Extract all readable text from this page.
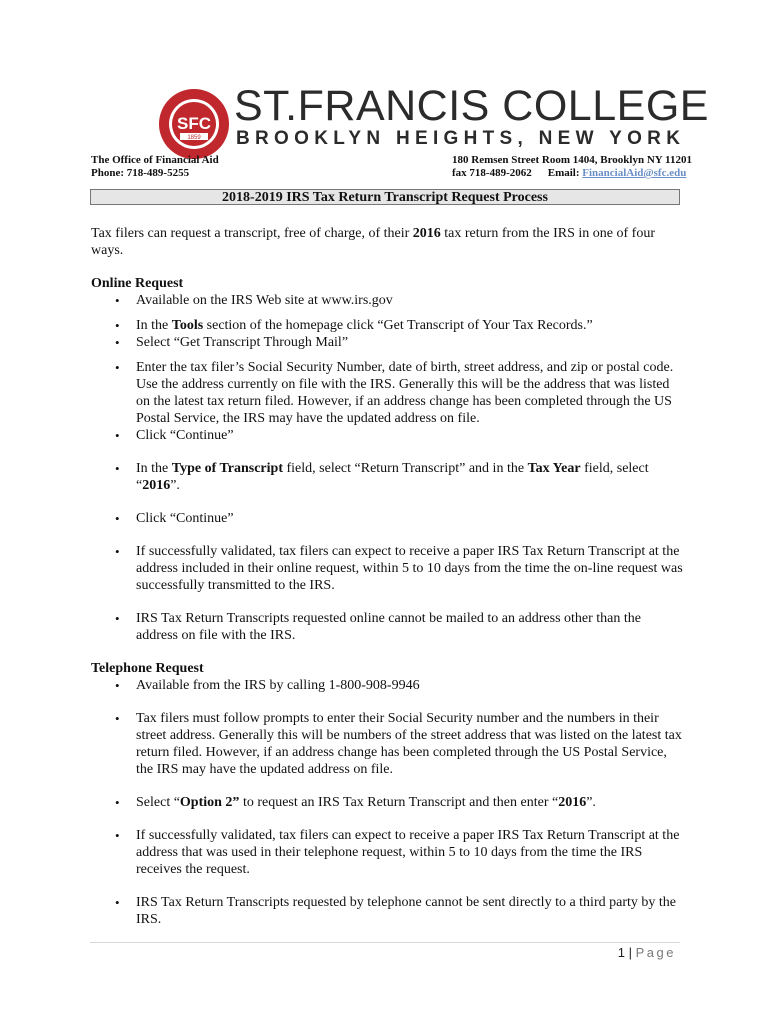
SFC
1859
ST.FRANCIS COLLEGE
BROOKLYN HEIGHTS, NEW YORK
The Office of Financial Aid
Phone: 718-489-5255
180 Remsen Street Room 1404, Brooklyn NY 11201
fax 718-489-2062 Email: FinancialAid@sfc.edu
2018-2019 IRS Tax Return Transcript Request Process

Tax filers can request a transcript, free of charge, of their 2016 tax return from the IRS in one of four ways.

Online Request
• Available on the IRS Web site at www.irs.gov
• In the Tools section of the homepage click “Get Transcript of Your Tax Records.”
• Select “Get Transcript Through Mail”
• Enter the tax filer’s Social Security Number, date of birth, street address, and zip or postal code. Use the address currently on file with the IRS. Generally this will be the address that was listed on the latest tax return filed. However, if an address change has been completed through the US Postal Service, the IRS may have the updated address on file.
• Click “Continue”
• In the Type of Transcript field, select “Return Transcript” and in the Tax Year field, select “2016”.
• Click “Continue”
• If successfully validated, tax filers can expect to receive a paper IRS Tax Return Transcript at the address included in their online request, within 5 to 10 days from the time the on-line request was successfully transmitted to the IRS.
• IRS Tax Return Transcripts requested online cannot be mailed to an address other than the address on file with the IRS.
Telephone Request
• Available from the IRS by calling 1-800-908-9946
• Tax filers must follow prompts to enter their Social Security number and the numbers in their street address. Generally this will be numbers of the street address that was listed on the latest tax return filed. However, if an address change has been completed through the US Postal Service, the IRS may have the updated address on file.
• Select “Option 2” to request an IRS Tax Return Transcript and then enter “2016”.
• If successfully validated, tax filers can expect to receive a paper IRS Tax Return Transcript at the address that was used in their telephone request, within 5 to 10 days from the time the IRS receives the request.
• IRS Tax Return Transcripts requested by telephone cannot be sent directly to a third party by the IRS.
1 | Page
